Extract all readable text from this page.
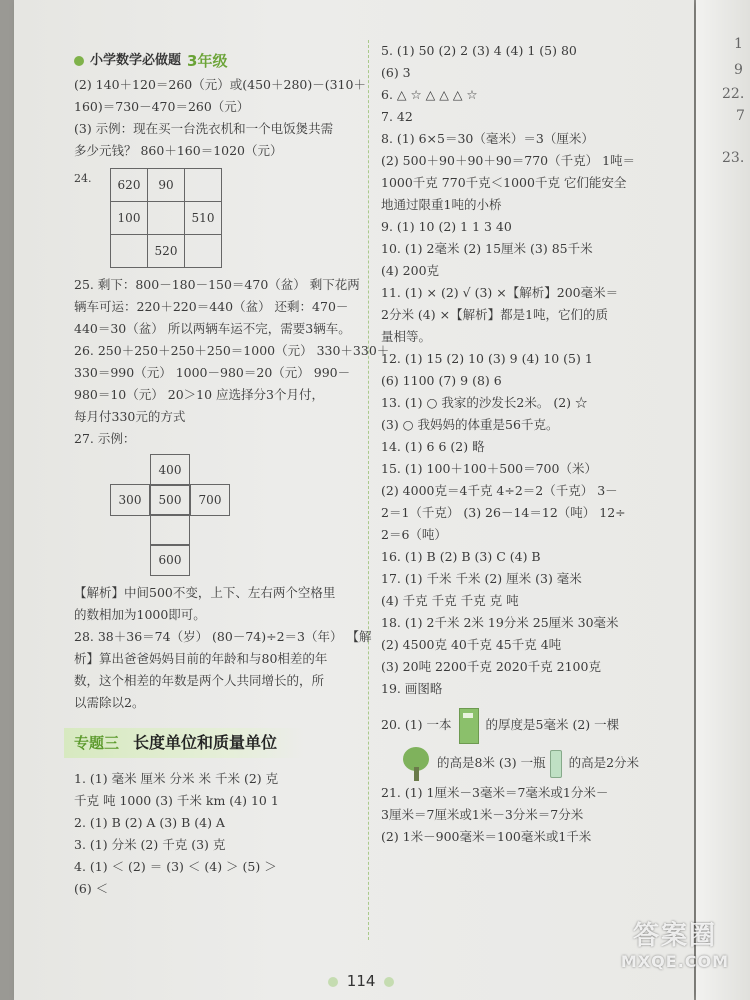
小学数学必做题 3年级
(2) 140＋120＝260（元）或(450＋280)－(310＋
160)＝730－470＝260（元）
(3) 示例：现在买一台洗衣机和一个电饭煲共需
多少元钱？ 860＋160＝1020（元）
24. 620	90	
100		510
	520	
25. 剩下：800－180－150＝470（盆） 剩下花两
辆车可运：220＋220＝440（盆） 还剩：470－
440＝30（盆） 所以两辆车运不完，需要3辆车。
26. 250＋250＋250＋250＝1000（元） 330＋330＋
330＝990（元） 1000－980＝20（元） 990－
980＝10（元） 20＞10 应选择分3个月付，
每月付330元的方式
27. 示例：
400
300	500	700
600
【解析】中间500不变，上下、左右两个空格里
的数相加为1000即可。
28. 38＋36＝74（岁） (80－74)÷2＝3（年） 【解
析】算出爸爸妈妈目前的年龄和与80相差的年
数，这个相差的年数是两个人共同增长的，所
以需除以2。
专题三 长度单位和质量单位
1. (1) 毫米 厘米 分米 米 千米 (2) 克
千克 吨 1000 (3) 千米 km (4) 10 1
2. (1) B (2) A (3) B (4) A
3. (1) 分米 (2) 千克 (3) 克
4. (1) ＜ (2) ＝ (3) ＜ (4) ＞ (5) ＞
(6) ＜
5. (1) 50 (2) 2 (3) 4 (4) 1 (5) 80
(6) 3
6. △ ☆ △ △ △ ☆
7. 42
8. (1) 6×5＝30（毫米）＝3（厘米）
(2) 500＋90＋90＋90＝770（千克） 1吨＝
1000千克 770千克＜1000千克 它们能安全
地通过限重1吨的小桥
9. (1) 10 (2) 1 1 3 40
10. (1) 2毫米 (2) 15厘米 (3) 85千米
(4) 200克
11. (1) × (2) √ (3) ×【解析】200毫米＝
2分米 (4) ×【解析】都是1吨，它们的质
量相等。
12. (1) 15 (2) 10 (3) 9 (4) 10 (5) 1
(6) 1100 (7) 9 (8) 6
13. (1) ○ 我家的沙发长2米。 (2) ☆
(3) ○ 我妈妈的体重是56千克。
14. (1) 6 6 (2) 略
15. (1) 100＋100＋500＝700（米）
(2) 4000克＝4千克 4÷2＝2（千克） 3－
2＝1（千克） (3) 26－14＝12（吨） 12÷
2＝6（吨）
16. (1) B (2) B (3) C (4) B
17. (1) 千米 千米 (2) 厘米 (3) 毫米
(4) 千克 千克 千克 克 吨
18. (1) 2千米 2米 19分米 25厘米 30毫米
(2) 4500克 40千克 45千克 4吨
(3) 20吨 2200千克 2020千克 2100克
19. 画图略
20. (1) 一本	的厚度是5毫米 (2) 一棵
的高是8米 (3) 一瓶 的高是2分米
21. (1) 1厘米－3毫米＝7毫米或1分米－
3厘米＝7厘米或1米－3分米＝7分米
(2) 1米－900毫米＝100毫米或1千米
114
1
9
22.
7
23.
答案圈
MXQE.COM
